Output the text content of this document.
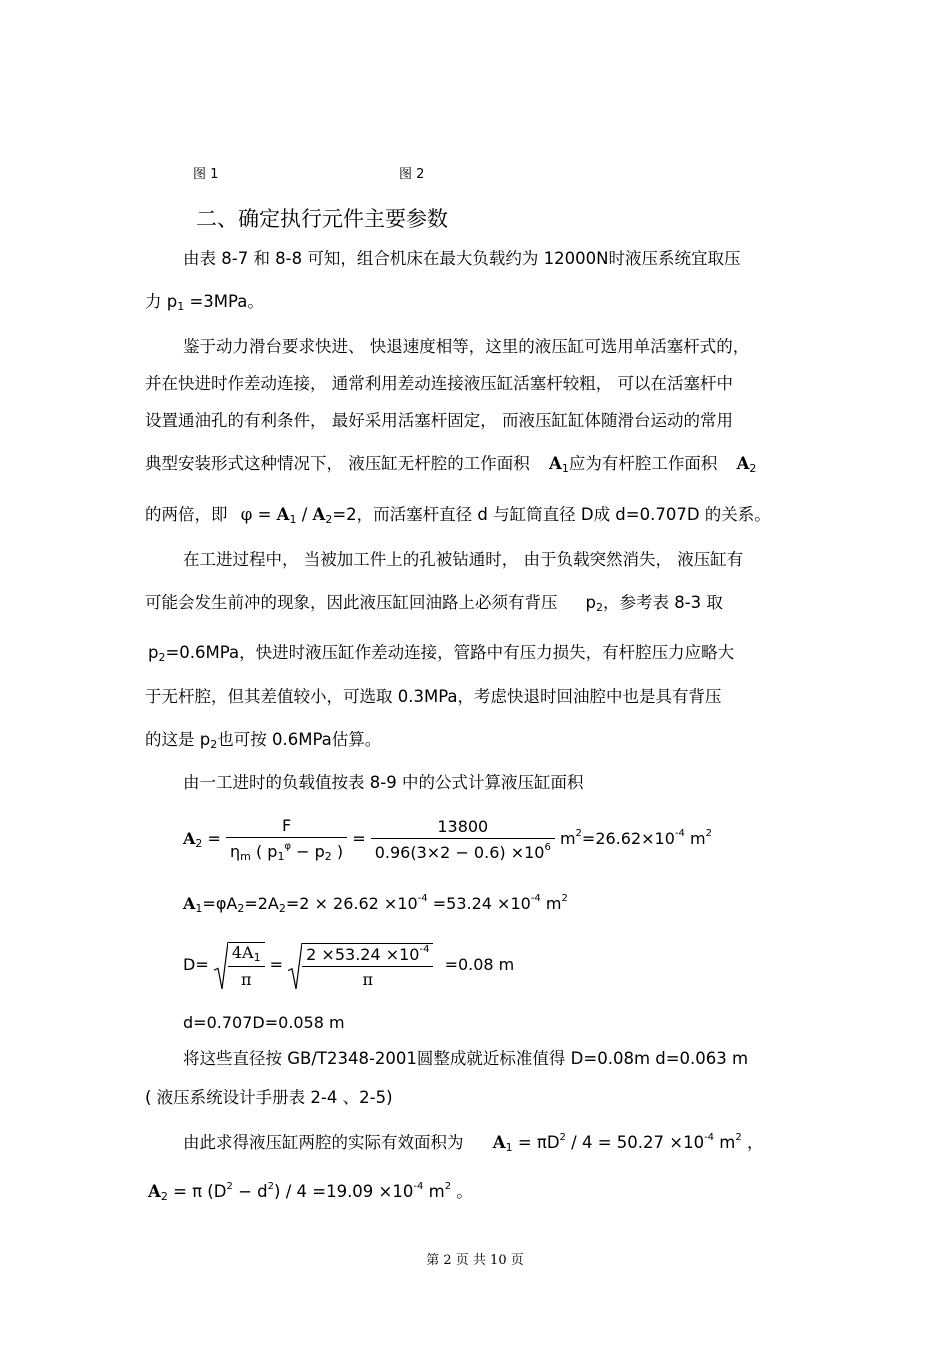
图 1	图 2
二、确定执行元件主要参数
由表 8-7 和 8-8 可知，组合机床在最大负载约为 12000N时液压系统宜取压
力 $p_1 =3MPa$。
鉴于动力滑台要求快进、 快退速度相等，这里的液压缸可选用单活塞杆式的，
并在快进时作差动连接， 通常利用差动连接液压缸活塞杆较粗， 可以在活塞杆中
设置通油孔的有利条件， 最好采用活塞杆固定， 而液压缸缸体随滑台运动的常用
典型安装形式这种情况下， 液压缸无杆腔的工作面积 $A_1$应为有杆腔工作面积 $A_2$
的两倍，即 $\varphi = A_1 / A_2=2$，而活塞杆直径 d 与缸筒直径 D成 d=0.707D 的关系。
在工进过程中， 当被加工件上的孔被钻通时， 由于负载突然消失， 液压缸有
可能会发生前冲的现象，因此液压缸回油路上必须有背压 $p_2$，参考表 8-3 取
$p_2=0.6MPa$，快进时液压缸作差动连接，管路中有压力损失，有杆腔压力应略大
于无杆腔，但其差值较小，可选取 0.3MPa，考虑快退时回油腔中也是具有背压
的这是 $p_2$也可按 0.6MPa估算。
由一工进时的负载值按表 8-9 中的公式计算液压缸面积
$A_2 = \frac{F}{\eta_m ( p_1^\varphi - p_2 )} = \frac{13800}{0.96(3\times 2 - 0.6) \times 10^6} m^2=26.62\times 10^{-4}$ $m^2$
$A_1=\varphi A_2=2A_2=2 \times 26.62 \times 10^{-4} =53.24 \times 10^{-4}$ $m^2$
$D= \frac{4A_1}{\pi} = \frac{2 \times 53.24 \times 10^{-4}}{\pi} =0.08$ m
d=0.707D=0.058 m
将这些直径按 GB/T2348-2001圆整成就近标准值得 D=0.08m d=0.063 m
( 液压系统设计手册表 2-4 、2-5)
由此求得液压缸两腔的实际有效面积为 $A_1 = \pi D^2 / 4 = 50.27 \times 10^{-4}$ $m^2$ ，
$A_2 = \pi$ $(D^2 - d^2) / 4 =19.09 \times 10^{-4}$ $m^2$ 。
第 2 页 共 10 页
